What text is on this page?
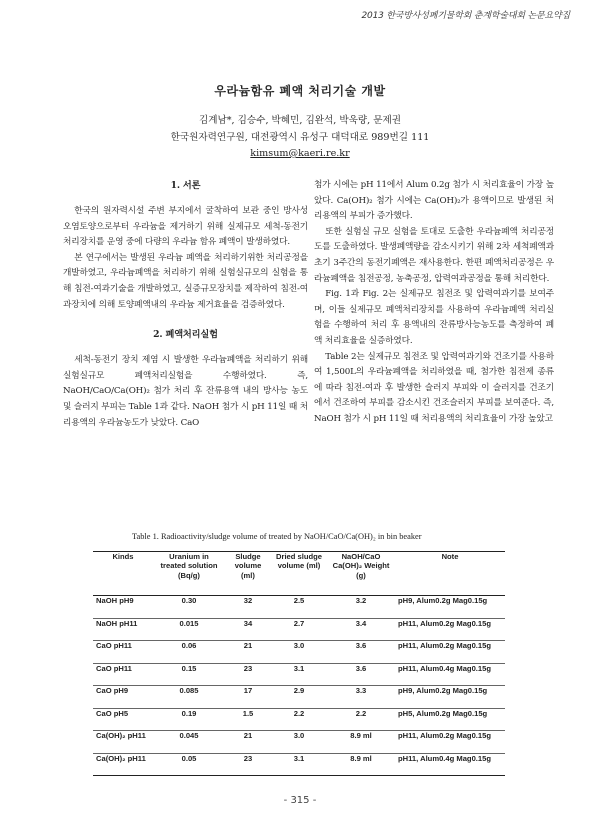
2013 한국방사성폐기물학회 춘계학술대회 논문요약집
우라늄함유 폐액 처리기술 개발
김계남*, 김승수, 박혜민, 김완석, 박욱량, 문제권
한국원자력연구원, 대전광역시 유성구 대덕대로 989번길 111
kimsum@kaeri.re.kr
1. 서론

한국의 원자력시설 주변 부지에서 굴착하여 보관 중인 방사성 오염토양으로부터 우라늄을 제거하기 위해 실제규모 세척-동전기 처리장치를 운영 중에 다량의 우라늄 함유 폐액이 발생하였다.

본 연구에서는 발생된 우라늄 폐액을 처리하기위한 처리공정을 개발하였고, 우라늄폐액을 처리하기 위해 실험실규모의 실험을 통해 침전-여과기술을 개발하였고, 실증규모장치를 제작하여 침전-여과장치에 의해 토양폐액내의 우라늄 제거효율을 검증하였다.

2. 폐액처리실험

세척-동전기 장치 제염 시 발생한 우라늄폐액을 처리하기 위해 실험실규모 폐액처리실험을 수행하였다. 즉, NaOH/CaO/Ca(OH)₂ 첨가 처리 후 잔류용액 내의 방사능 농도 및 슬러지 부피는 Table 1과 같다. NaOH 첨가 시 pH 11일 때 처리용액의 우라늄농도가 낮았다. CaO

첨가 시에는 pH 11에서 Alum 0.2g 첨가 시 처리효율이 가장 높았다. Ca(OH)₂ 첨가 시에는 Ca(OH)₂가 용액이므로 발생된 처리용액의 부피가 증가했다.

또한 실험실 규모 실험을 토대로 도출한 우라늄폐액 처리공정도를 도출하였다. 발생폐액량을 감소시키기 위해 2차 세척폐액과 초기 3주간의 동전기폐액은 재사용한다. 한편 폐액처리공정은 우라늄폐액을 침전공정, 농축공정, 압력여과공정을 통해 처리한다.

Fig. 1과 Fig. 2는 실제규모 침전조 및 압력여과기를 보여주며, 이들 실제규모 폐액처리장치를 사용하여 우라늄폐액 처리실험을 수행하여 처리 후 용액내의 잔류방사능농도를 측정하여 폐액 처리효율을 실증하였다.

Table 2는 실제규모 침전조 및 압력여과기와 건조기를 사용하여 1,500L의 우라늄폐액을 처리하였을 때, 첨가한 침전제 종류에 따라 침전-여과 후 발생한 슬러지 부피와 이 슬러지를 건조기에서 건조하여 부피를 감소시킨 건조슬러지 부피를 보여준다. 즉, NaOH 첨가 시 pH 11일 때 처리용액의 처리효율이 가장 높았고

Table 1. Radioactivity/sludge volume of treated by NaOH/CaO/Ca(OH)₂ in bin beaker
Kinds	Uranium in treated solution (Bq/g)	Sludge volume (ml)	Dried sludge volume (ml)	NaOH/CaO Ca(OH)₂ Weight (g)	Note
NaOH pH9	0.30	32	2.5	3.2	pH9, Alum0.2g Mag0.15g
NaOH pH11	0.015	34	2.7	3.4	pH11, Alum0.2g Mag0.15g
CaO pH11	0.06	21	3.0	3.6	pH11, Alum0.2g Mag0.15g
CaO pH11	0.15	23	3.1	3.6	pH11, Alum0.4g Mag0.15g
CaO pH9	0.085	17	2.9	3.3	pH9, Alum0.2g Mag0.15g
CaO pH5	0.19	1.5	2.2	2.2	pH5, Alum0.2g Mag0.15g
Ca(OH)₂ pH11	0.045	21	3.0	8.9 ml	pH11, Alum0.2g Mag0.15g
Ca(OH)₂ pH11	0.05	23	3.1	8.9 ml	pH11, Alum0.4g Mag0.15g
- 315 -
